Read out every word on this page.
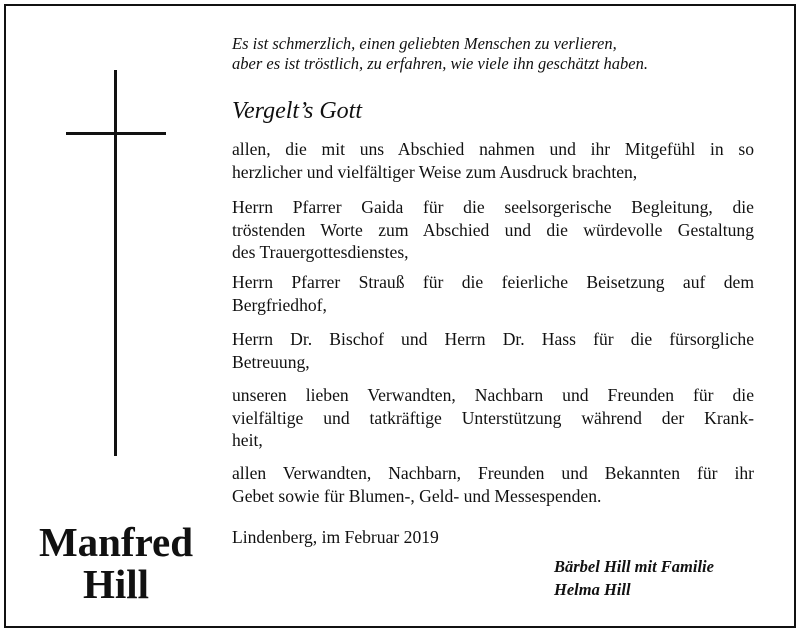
Manfred
Hill
Es ist schmerzlich, einen geliebten Menschen zu verlieren,
aber es ist tröstlich, zu erfahren, wie viele ihn geschätzt haben.
Vergelt’s Gott
allen, die mit uns Abschied nahmen und ihr Mitgefühl in so
herzlicher und vielfältiger Weise zum Ausdruck brachten,
Herrn Pfarrer Gaida für die seelsorgerische Begleitung, die
tröstenden Worte zum Abschied und die würdevolle Gestaltung
des Trauergottesdienstes,
Herrn Pfarrer Strauß für die feierliche Beisetzung auf dem
Bergfriedhof,
Herrn Dr. Bischof und Herrn Dr. Hass für die fürsorgliche
Betreuung,
unseren lieben Verwandten, Nachbarn und Freunden für die
vielfältige und tatkräftige Unterstützung während der Krank-
heit,
allen Verwandten, Nachbarn, Freunden und Bekannten für ihr
Gebet sowie für Blumen-, Geld- und Messespenden.
Lindenberg, im Februar 2019
Bärbel Hill mit Familie
Helma Hill
